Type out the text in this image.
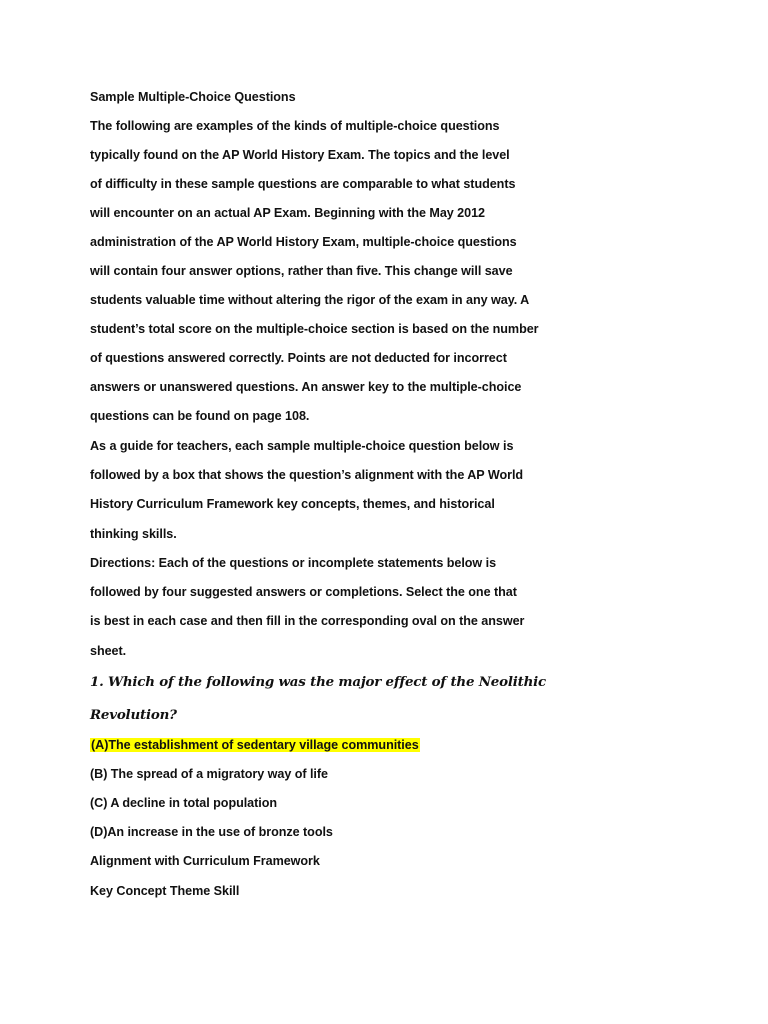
Sample Multiple-Choice Questions
The following are examples of the kinds of multiple-choice questions
typically found on the AP World History Exam. The topics and the level
of difficulty in these sample questions are comparable to what students
will encounter on an actual AP Exam. Beginning with the May 2012
administration of the AP World History Exam, multiple-choice questions
will contain four answer options, rather than five. This change will save
students valuable time without altering the rigor of the exam in any way. A
student’s total score on the multiple-choice section is based on the number
of questions answered correctly. Points are not deducted for incorrect
answers or unanswered questions. An answer key to the multiple-choice
questions can be found on page 108.
As a guide for teachers, each sample multiple-choice question below is
followed by a box that shows the question’s alignment with the AP World
History Curriculum Framework key concepts, themes, and historical
thinking skills.
Directions: Each of the questions or incomplete statements below is
followed by four suggested answers or completions. Select the one that
is best in each case and then fill in the corresponding oval on the answer
sheet.
1. Which of the following was the major effect of the Neolithic
Revolution?
(A)The establishment of sedentary village communities
(B) The spread of a migratory way of life
(C) A decline in total population
(D)An increase in the use of bronze tools
Alignment with Curriculum Framework
Key Concept Theme Skill
